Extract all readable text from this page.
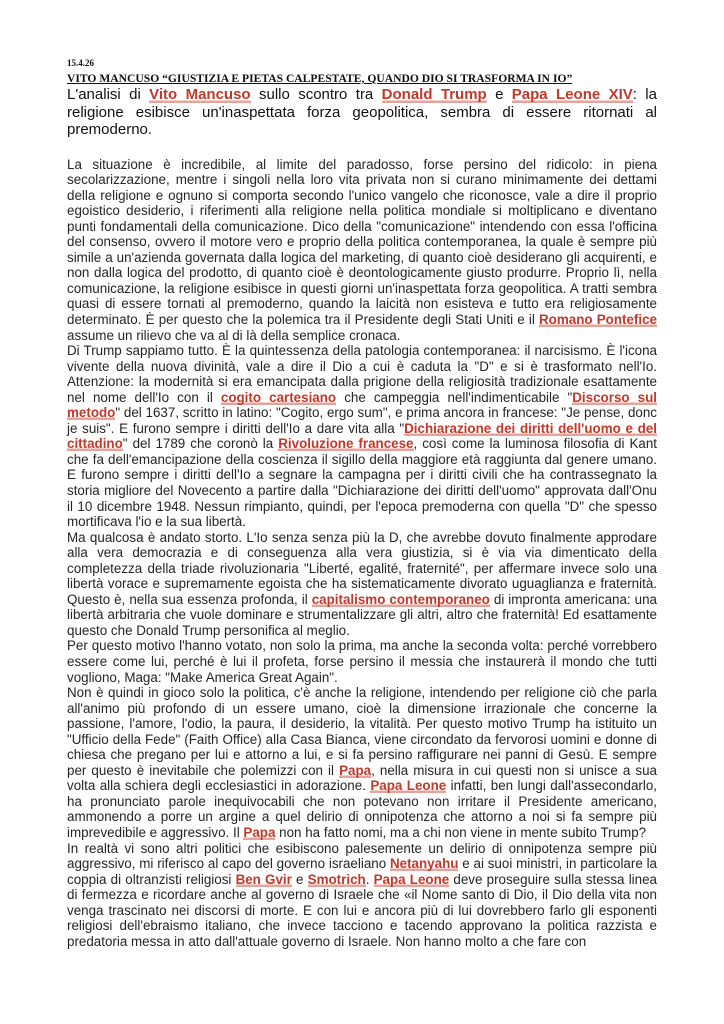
15.4.26
VITO MANCUSO “GIUSTIZIA E PIETAS CALPESTATE, QUANDO DIO SI TRASFORMA IN IO”
L'analisi di Vito Mancuso sullo scontro tra Donald Trump e Papa Leone XIV: la religione esibisce un'inaspettata forza geopolitica, sembra di essere ritornati al premoderno.

La situazione è incredibile, al limite del paradosso, forse persino del ridicolo: in piena secolarizzazione, mentre i singoli nella loro vita privata non si curano minimamente dei dettami della religione e ognuno si comporta secondo l'unico vangelo che riconosce, vale a dire il proprio egoistico desiderio, i riferimenti alla religione nella politica mondiale si moltiplicano e diventano punti fondamentali della comunicazione. Dico della "comunicazione" intendendo con essa l'officina del consenso, ovvero il motore vero e proprio della politica contemporanea, la quale è sempre più simile a un'azienda governata dalla logica del marketing, di quanto cioè desiderano gli acquirenti, e non dalla logica del prodotto, di quanto cioè è deontologicamente giusto produrre. Proprio lì, nella comunicazione, la religione esibisce in questi giorni un'inaspettata forza geopolitica. A tratti sembra quasi di essere tornati al premoderno, quando la laicità non esisteva e tutto era religiosamente determinato. È per questo che la polemica tra il Presidente degli Stati Uniti e il Romano Pontefice assume un rilievo che va al di là della semplice cronaca.

Di Trump sappiamo tutto. È la quintessenza della patologia contemporanea: il narcisismo. È l'icona vivente della nuova divinità, vale a dire il Dio a cui è caduta la "D" e si è trasformato nell'Io. Attenzione: la modernità si era emancipata dalla prigione della religiosità tradizionale esattamente nel nome dell'Io con il cogito cartesiano che campeggia nell'indimenticabile "Discorso sul metodo" del 1637, scritto in latino: "Cogito, ergo sum", e prima ancora in francese: "Je pense, donc je suis". E furono sempre i diritti dell'Io a dare vita alla "Dichiarazione dei diritti dell'uomo e del cittadino" del 1789 che coronò la Rivoluzione francese, così come la luminosa filosofia di Kant che fa dell'emancipazione della coscienza il sigillo della maggiore età raggiunta dal genere umano. E furono sempre i diritti dell'Io a segnare la campagna per i diritti civili che ha contrassegnato la storia migliore del Novecento a partire dalla "Dichiarazione dei diritti dell'uomo" approvata dall'Onu il 10 dicembre 1948. Nessun rimpianto, quindi, per l'epoca premoderna con quella "D" che spesso mortificava l'io e la sua libertà.

Ma qualcosa è andato storto. L'Io senza senza più la D, che avrebbe dovuto finalmente approdare alla vera democrazia e di conseguenza alla vera giustizia, si è via via dimenticato della completezza della triade rivoluzionaria "Liberté, egalité, fraternité", per affermare invece solo una libertà vorace e supremamente egoista che ha sistematicamente divorato uguaglianza e fraternità. Questo è, nella sua essenza profonda, il capitalismo contemporaneo di impronta americana: una libertà arbitraria che vuole dominare e strumentalizzare gli altri, altro che fraternità! Ed esattamente questo che Donald Trump personifica al meglio.

Per questo motivo l'hanno votato, non solo la prima, ma anche la seconda volta: perché vorrebbero essere come lui, perché è lui il profeta, forse persino il messia che instaurerà il mondo che tutti vogliono, Maga: "Make America Great Again".

Non è quindi in gioco solo la politica, c'è anche la religione, intendendo per religione ciò che parla all'animo più profondo di un essere umano, cioè la dimensione irrazionale che concerne la passione, l'amore, l'odio, la paura, il desiderio, la vitalità. Per questo motivo Trump ha istituito un "Ufficio della Fede" (Faith Office) alla Casa Bianca, viene circondato da fervorosi uomini e donne di chiesa che pregano per lui e attorno a lui, e si fa persino raffigurare nei panni di Gesù. E sempre per questo è inevitabile che polemizzi con il Papa, nella misura in cui questi non si unisce a sua volta alla schiera degli ecclesiastici in adorazione. Papa Leone infatti, ben lungi dall'assecondarlo, ha pronunciato parole inequivocabili che non potevano non irritare il Presidente americano, ammonendo a porre un argine a quel delirio di onnipotenza che attorno a noi si fa sempre più imprevedibile e aggressivo. Il Papa non ha fatto nomi, ma a chi non viene in mente subito Trump?

In realtà vi sono altri politici che esibiscono palesemente un delirio di onnipotenza sempre più aggressivo, mi riferisco al capo del governo israeliano Netanyahu e ai suoi ministri, in particolare la coppia di oltranzisti religiosi Ben Gvir e Smotrich. Papa Leone deve proseguire sulla stessa linea di fermezza e ricordare anche al governo di Israele che «il Nome santo di Dio, il Dio della vita non venga trascinato nei discorsi di morte. E con lui e ancora più di lui dovrebbero farlo gli esponenti religiosi dell'ebraismo italiano, che invece tacciono e tacendo approvano la politica razzista e predatoria messa in atto dall'attuale governo di Israele. Non hanno molto a che fare con
